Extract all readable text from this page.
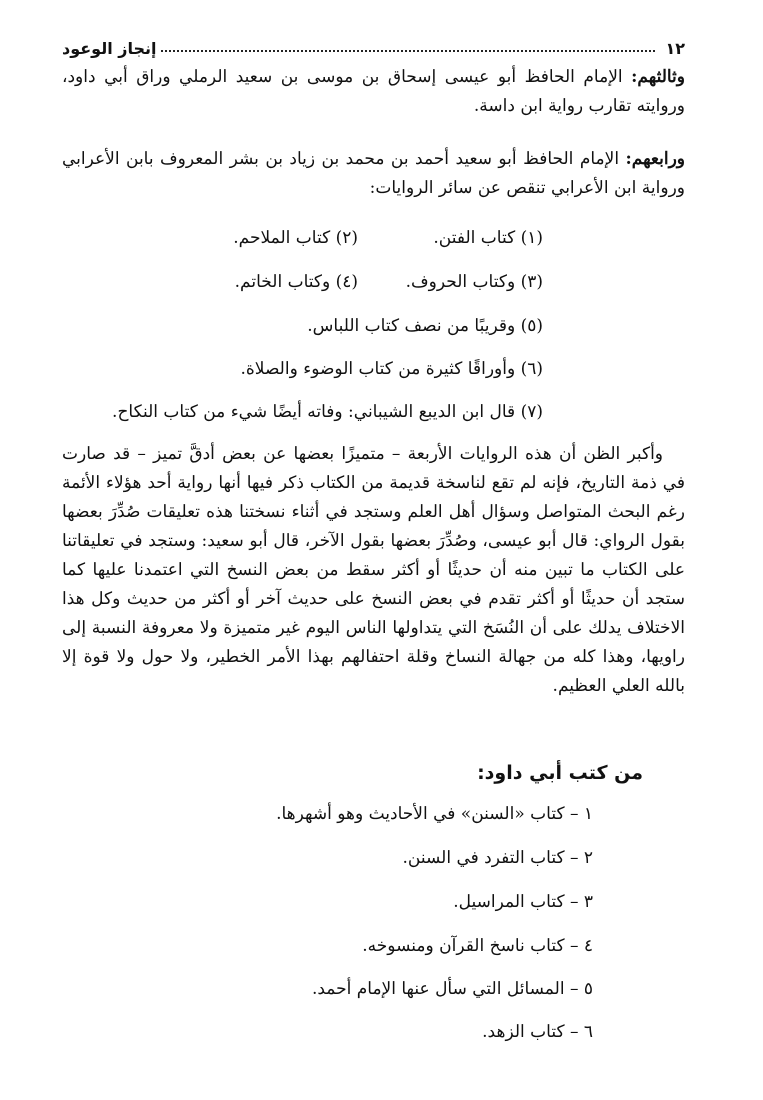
١٢
إنجاز الوعود
وثالثهم: الإمام الحافظ أبو عيسى إسحاق بن موسى بن سعيد الرملي وراق أبي داود، وروايته تقارب رواية ابن داسة.
ورابعهم: الإمام الحافظ أبو سعيد أحمد بن محمد بن زياد بن بشر المعروف بابن الأعرابي ورواية ابن الأعرابي تنقص عن سائر الروايات:
(١) كتاب الفتن.
(٢) كتاب الملاحم.
(٣) وكتاب الحروف.
(٤) وكتاب الخاتم.
(٥) وقريبًا من نصف كتاب اللباس.
(٦) وأوراقًا كثيرة من كتاب الوضوء والصلاة.
(٧) قال ابن الديبع الشيباني: وفاته أيضًا شيء من كتاب النكاح.
وأكبر الظن أن هذه الروايات الأربعة – متميزًا بعضها عن بعض أدقَّ تميز – قد صارت في ذمة التاريخ، فإنه لم تقع لناسخة قديمة من الكتاب ذكر فيها أنها رواية أحد هؤلاء الأئمة رغم البحث المتواصل وسؤال أهل العلم وستجد في أثناء نسختنا هذه تعليقات صُدِّرَ بعضها بقول الرواي: قال أبو عيسى، وصُدِّرَ بعضها بقول الآخر، قال أبو سعيد: وستجد في تعليقاتنا على الكتاب ما تبين منه أن حديثًا أو أكثر سقط من بعض النسخ التي اعتمدنا عليها كما ستجد أن حديثًا أو أكثر تقدم في بعض النسخ على حديث آخر أو أكثر من حديث وكل هذا الاختلاف يدلك على أن النُسَخ التي يتداولها الناس اليوم غير متميزة ولا معروفة النسبة إلى راويها، وهذا كله من جهالة النساخ وقلة احتفالهم بهذا الأمر الخطير، ولا حول ولا قوة إلا بالله العلي العظيم.
من كتب أبي داود:
١ – كتاب «السنن» في الأحاديث وهو أشهرها.
٢ – كتاب التفرد في السنن.
٣ – كتاب المراسيل.
٤ – كتاب ناسخ القرآن ومنسوخه.
٥ – المسائل التي سأل عنها الإمام أحمد.
٦ – كتاب الزهد.
